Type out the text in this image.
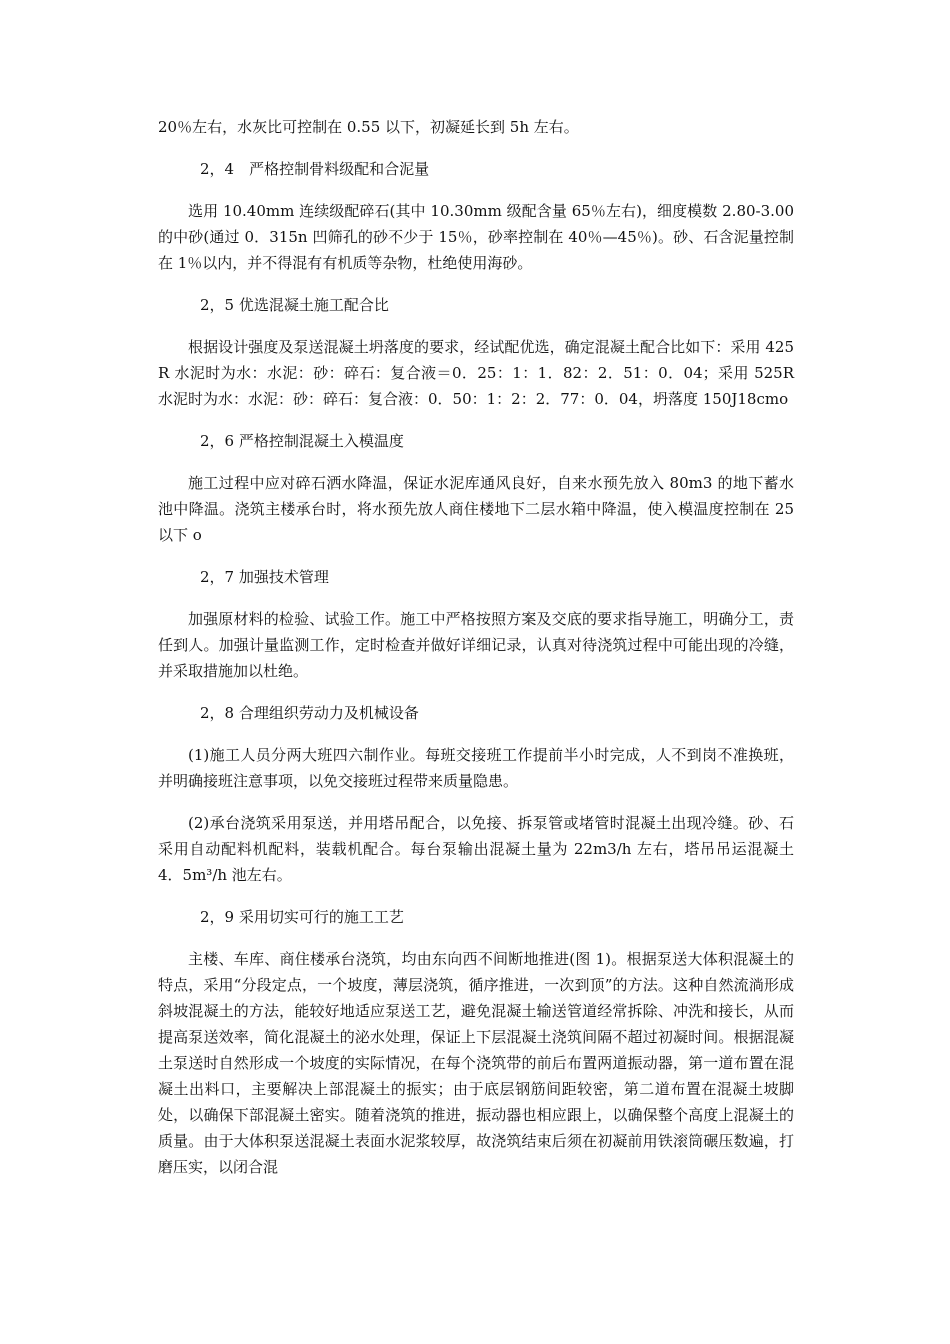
20％左右，水灰比可控制在 0.55 以下，初凝延长到 5h 左右。

2，4　严格控制骨料级配和合泥量

选用 10.40mm 连续级配碎石(其中 10.30mm 级配含量 65％左右)，细度模数 2.80-3.00 的中砂(通过 0．315n 凹筛孔的砂不少于 15％，砂率控制在 40％—45％)。砂、石含泥量控制在 1％以内，并不得混有有机质等杂物，杜绝使用海砂。

2，5 优选混凝土施工配合比

根据设计强度及泵送混凝土坍落度的要求，经试配优选，确定混凝土配合比如下：采用 425R 水泥时为水：水泥：砂：碎石：复合液＝0．25：1：1．82：2．51：0．04；采用 525R 水泥时为水：水泥：砂：碎石：复合液：0．50：1：2：2．77：0．04，坍落度 150J18cmo

2，6 严格控制混凝土入模温度

施工过程中应对碎石洒水降温，保证水泥库通风良好，自来水预先放入 80m3 的地下蓄水池中降温。浇筑主楼承台时，将水预先放人商住楼地下二层水箱中降温，使入模温度控制在 25 以下 o

2，7 加强技术管理

加强原材料的检验、试验工作。施工中严格按照方案及交底的要求指导施工，明确分工，责任到人。加强计量监测工作，定时检查并做好详细记录，认真对待浇筑过程中可能出现的冷缝，并采取措施加以杜绝。

2，8 合理组织劳动力及机械设备

(1)施工人员分两大班四六制作业。每班交接班工作提前半小时完成，人不到岗不准换班，并明确接班注意事项，以免交接班过程带来质量隐患。

(2)承台浇筑采用泵送，并用塔吊配合，以免接、拆泵管或堵管时混凝土出现冷缝。砂、石采用自动配料机配料，装载机配合。每台泵输出混凝土量为 22m3/h 左右，塔吊吊运混凝土 4．5m³/h 池左右。

2，9 采用切实可行的施工工艺

主楼、车库、商住楼承台浇筑，均由东向西不间断地推进(图 1)。根据泵送大体积混凝土的特点，采用“分段定点，一个坡度，薄层浇筑，循序推进，一次到顶”的方法。这种自然流淌形成斜坡混凝土的方法，能较好地适应泵送工艺，避免混凝土输送管道经常拆除、冲洗和接长，从而提高泵送效率，简化混凝土的泌水处理，保证上下层混凝土浇筑间隔不超过初凝时间。根据混凝土泵送时自然形成一个坡度的实际情况，在每个浇筑带的前后布置两道振动器，第一道布置在混凝土出料口，主要解决上部混凝土的振实；由于底层钢筋间距较密，第二道布置在混凝土坡脚处，以确保下部混凝土密实。随着浇筑的推进，振动器也相应跟上，以确保整个高度上混凝土的质量。由于大体积泵送混凝土表面水泥浆较厚，故浇筑结束后须在初凝前用铁滚筒碾压数遍，打磨压实，以闭合混
